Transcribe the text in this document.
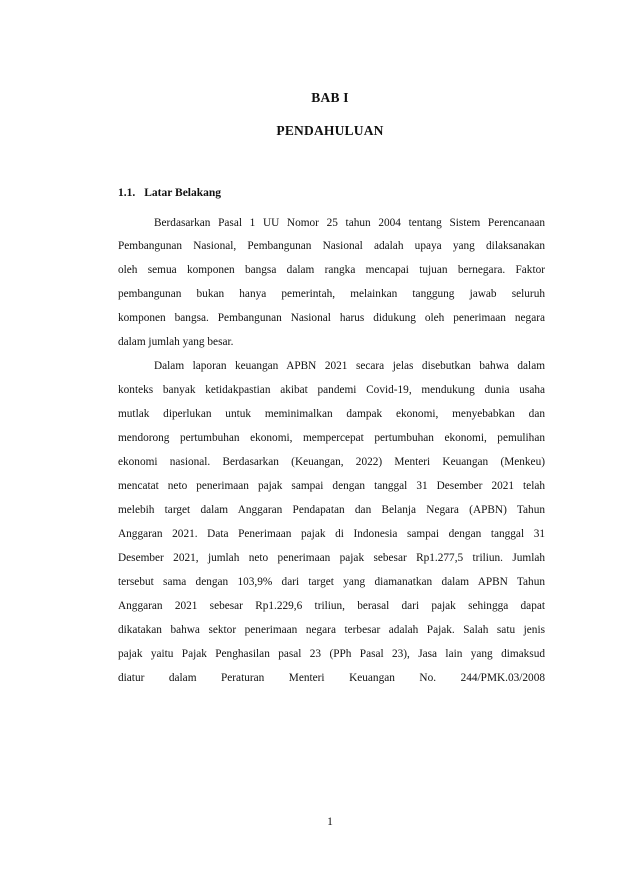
BAB I
PENDAHULUAN
1.1. Latar Belakang
Berdasarkan Pasal 1 UU Nomor 25 tahun 2004 tentang Sistem Perencanaan
Pembangunan Nasional, Pembangunan Nasional adalah upaya yang dilaksanakan
oleh semua komponen bangsa dalam rangka mencapai tujuan bernegara. Faktor
pembangunan bukan hanya pemerintah, melainkan tanggung jawab seluruh
komponen bangsa. Pembangunan Nasional harus didukung oleh penerimaan negara
dalam jumlah yang besar.
Dalam laporan keuangan APBN 2021 secara jelas disebutkan bahwa dalam
konteks banyak ketidakpastian akibat pandemi Covid-19, mendukung dunia usaha
mutlak diperlukan untuk meminimalkan dampak ekonomi, menyebabkan dan
mendorong pertumbuhan ekonomi, mempercepat pertumbuhan ekonomi, pemulihan
ekonomi nasional. Berdasarkan (Keuangan, 2022) Menteri Keuangan (Menkeu)
mencatat neto penerimaan pajak sampai dengan tanggal 31 Desember 2021 telah
melebih target dalam Anggaran Pendapatan dan Belanja Negara (APBN) Tahun
Anggaran 2021. Data Penerimaan pajak di Indonesia sampai dengan tanggal 31
Desember 2021, jumlah neto penerimaan pajak sebesar Rp1.277,5 triliun. Jumlah
tersebut sama dengan 103,9% dari target yang diamanatkan dalam APBN Tahun
Anggaran 2021 sebesar Rp1.229,6 triliun, berasal dari pajak sehingga dapat
dikatakan bahwa sektor penerimaan negara terbesar adalah Pajak. Salah satu jenis
pajak yaitu Pajak Penghasilan pasal 23 (PPh Pasal 23), Jasa lain yang dimaksud
diatur dalam Peraturan Menteri Keuangan No. 244/PMK.03/2008
1
